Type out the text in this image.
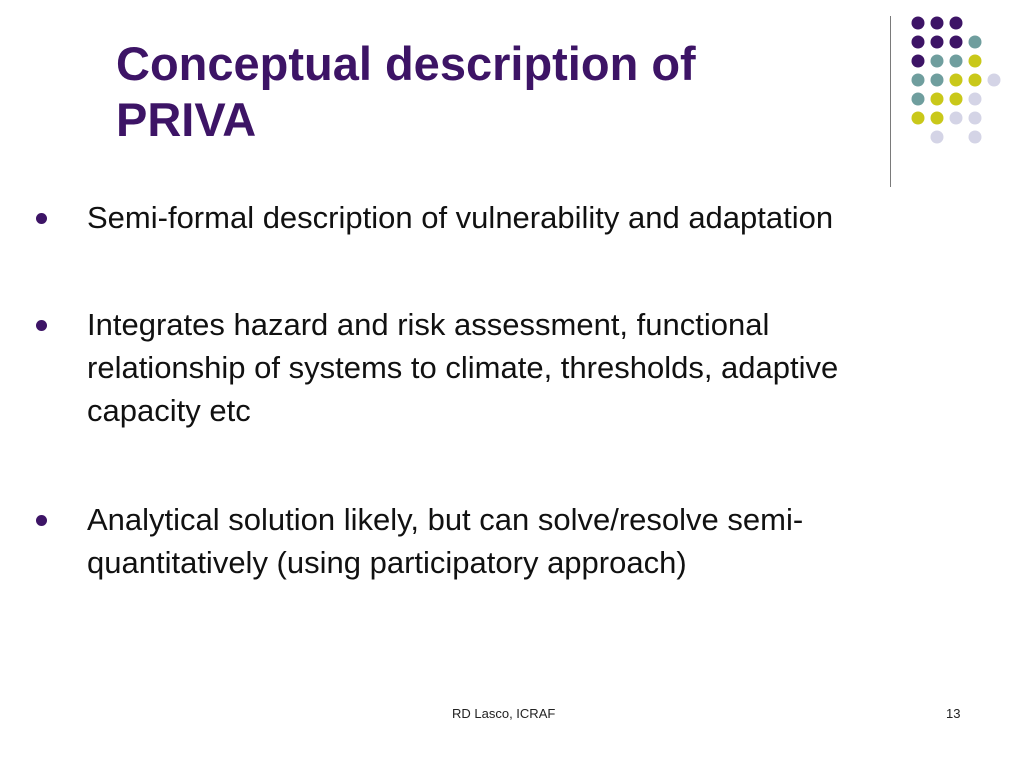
Conceptual description of
PRIVA
Semi-formal description of vulnerability and adaptation
Integrates hazard and risk assessment, functional
relationship of systems to climate, thresholds, adaptive
capacity etc
Analytical solution likely, but can solve/resolve semi-
quantitatively (using participatory approach)
RD Lasco, ICRAF	13
